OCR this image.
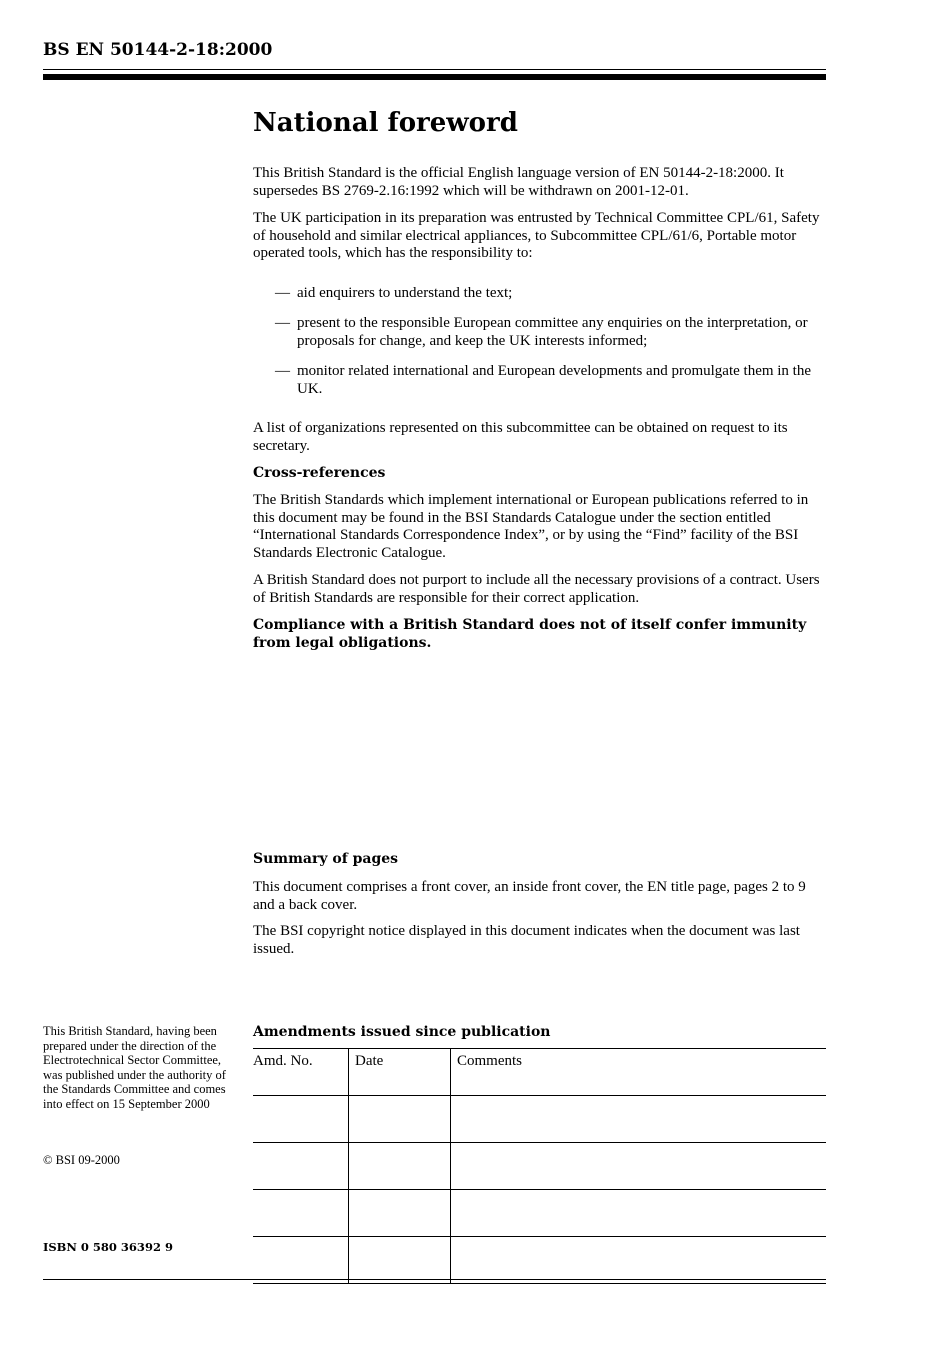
BS EN 50144-2-18:2000
National foreword

This British Standard is the official English language version of EN 50144-2-18:2000. It supersedes BS 2769-2.16:1992 which will be withdrawn on 2001-12-01.

The UK participation in its preparation was entrusted by Technical Committee CPL/61, Safety of household and similar electrical appliances, to Subcommittee CPL/61/6, Portable motor operated tools, which has the responsibility to:

— aid enquirers to understand the text;
— present to the responsible European committee any enquiries on the interpretation, or proposals for change, and keep the UK interests informed;
— monitor related international and European developments and promulgate them in the UK.

A list of organizations represented on this subcommittee can be obtained on request to its secretary.

Cross-references

The British Standards which implement international or European publications referred to in this document may be found in the BSI Standards Catalogue under the section entitled “International Standards Correspondence Index”, or by using the “Find” facility of the BSI Standards Electronic Catalogue.

A British Standard does not purport to include all the necessary provisions of a contract. Users of British Standards are responsible for their correct application.

Compliance with a British Standard does not of itself confer immunity from legal obligations.

Summary of pages

This document comprises a front cover, an inside front cover, the EN title page, pages 2 to 9 and a back cover.

The BSI copyright notice displayed in this document indicates when the document was last issued.

This British Standard, having been prepared under the direction of the Electrotechnical Sector Committee, was published under the authority of the Standards Committee and comes into effect on 15 September 2000
© BSI 09-2000
ISBN 0 580 36392 9
Amendments issued since publication
Amd. No.	Date	Comments
